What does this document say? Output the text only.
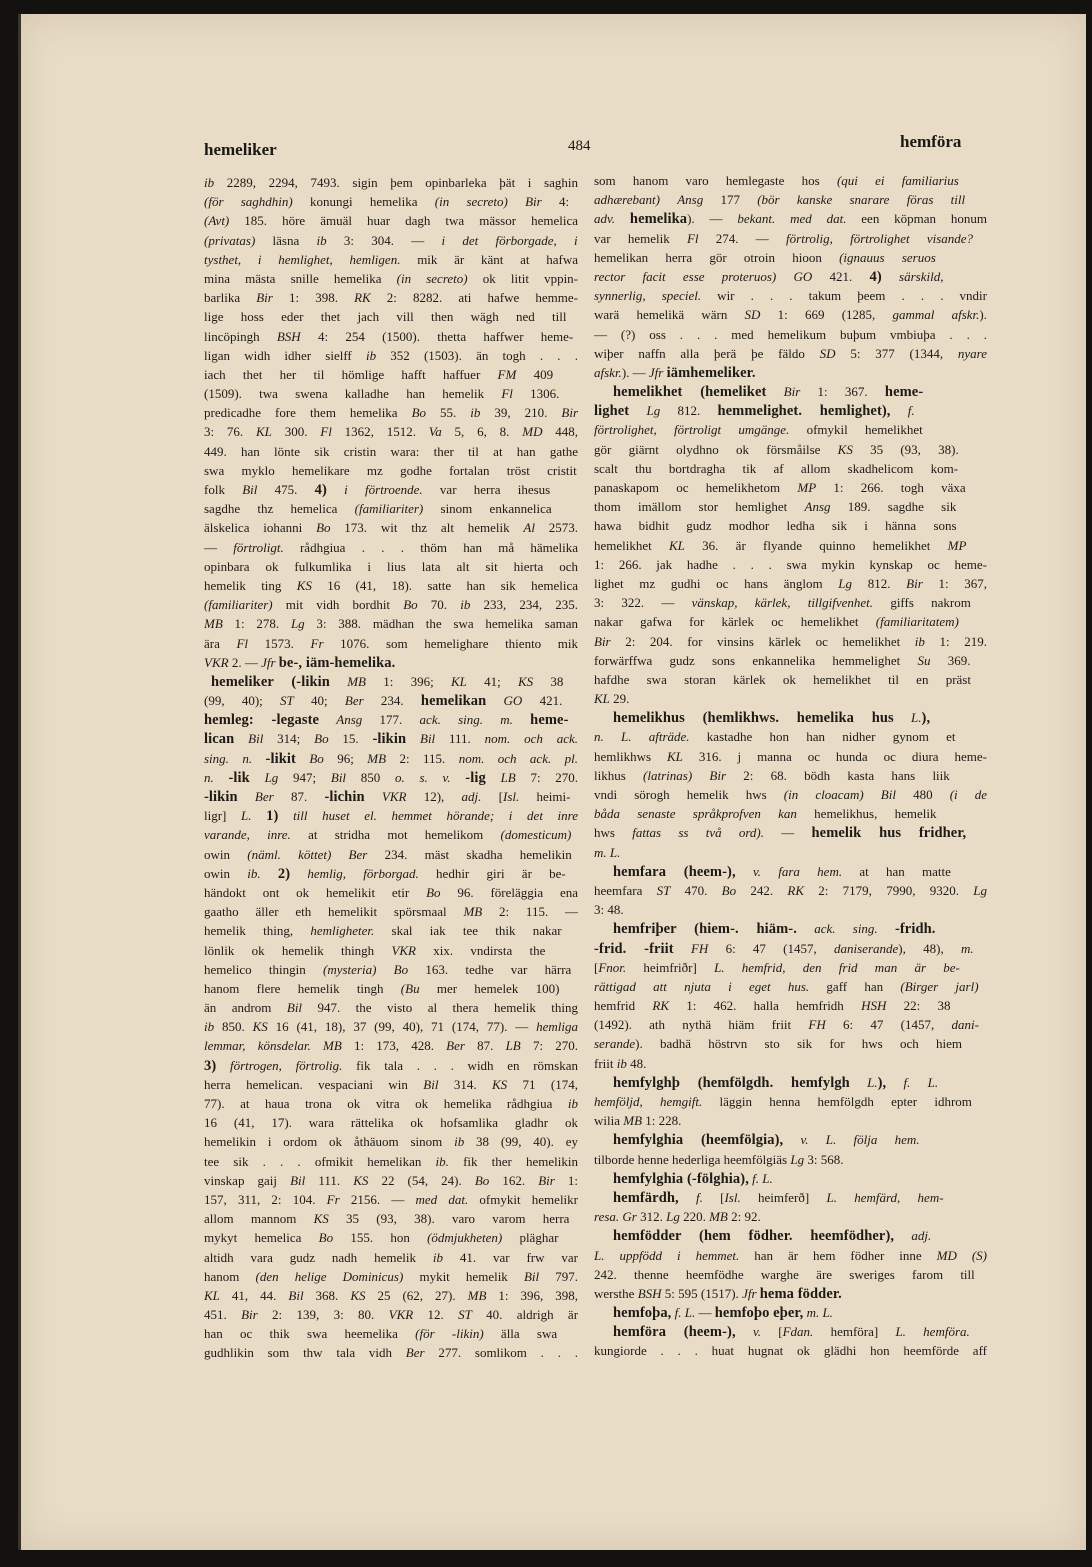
hemeliker	484	hemföra
ib 2289, 2294, 7493. sigin þem opinbarleka þät i saghin
(för saghdhin) konungi hemelika (in secreto) Bir 4:
(Avt) 185. höre ämuäl huar dagh twa mässor hemelica
(privatas) läsna ib 3: 304. — i det förborgade, i
tysthet, i hemlighet, hemligen. mik är känt at hafwa
mina mästa snille hemelika (in secreto) ok litit vppin-
barlika Bir 1: 398. RK 2: 8282. ati hafwe hemme-
lige hoss eder thet jach vill then wägh ned till
lincöpingh BSH 4: 254 (1500). thetta haffwer heme-
ligan widh idher sielff ib 352 (1503). än togh . . .
iach thet her til hömlige hafft haffuer FM 409
(1509). twa swena kalladhe han hemelik Fl 1306.
predicadhe fore them hemelika Bo 55. ib 39, 210. Bir
3: 76. KL 300. Fl 1362, 1512. Va 5, 6, 8. MD 448,
449. han lönte sik cristin wara: ther til at han gathe
swa myklo hemelikare mz godhe fortalan tröst cristit
folk Bil 475. 4) i förtroende. var herra ihesus
sagdhe thz hemelica (familiariter) sinom enkannelica
älskelica iohanni Bo 173. wit thz alt hemelik Al 2573.
— förtroligt. rådhgiua . . . thöm han må hämelika
opinbara ok fulkumlika i lius lata alt sit hierta och
hemelik ting KS 16 (41, 18). satte han sik hemelica
(familiariter) mit vidh bordhit Bo 70. ib 233, 234, 235.
MB 1: 278. Lg 3: 388. mädhan the swa hemelika saman
ära Fl 1573. Fr 1076. som hemelighare thiento mik
VKR 2. — Jfr be-, iäm-hemelika.
hemeliker (-likin MB 1: 396; KL 41; KS 38
(99, 40); ST 40; Ber 234. hemelikan GO 421.
hemleg: -legaste Ansg 177. ack. sing. m. heme-
lican Bil 314; Bo 15. -likin Bil 111. nom. och ack.
sing. n. -likit Bo 96; MB 2: 115. nom. och ack. pl.
n. -lik Lg 947; Bil 850 o. s. v. -lig LB 7: 270.
-likin Ber 87. -lichin VKR 12), adj. [Isl. heimi-
ligr] L. 1) till huset el. hemmet hörande; i det inre
varande, inre. at stridha mot hemelikom (domesticum)
owin (näml. köttet) Ber 234. mäst skadha hemelikin
owin ib. 2) hemlig, förborgad. hedhir giri är be-
händokt ont ok hemelikit etir Bo 96. föreläggia ena
gaatho äller eth hemelikit spörsmaal MB 2: 115. —
hemelik thing, hemligheter. skal iak tee thik nakar
lönlik ok hemelik thingh VKR xix. vndirsta the
hemelico thingin (mysteria) Bo 163. tedhe var härra
hanom flere hemelik tingh (Bu mer hemelek 100)
än androm Bil 947. the visto al thera hemelik thing
ib 850. KS 16 (41, 18), 37 (99, 40), 71 (174, 77). — hemliga
lemmar, könsdelar. MB 1: 173, 428. Ber 87. LB 7: 270.
3) förtrogen, förtrolig. fik tala . . . widh en römskan
herra hemelican. vespaciani win Bil 314. KS 71 (174,
77). at haua trona ok vitra ok hemelika rådhgiua ib
16 (41, 17). wara rättelika ok hofsamlika gladhr ok
hemelikin i ordom ok åthäuom sinom ib 38 (99, 40). ey
tee sik . . . ofmikit hemelikan ib. fik ther hemelikin
vinskap gaij Bil 111. KS 22 (54, 24). Bo 162. Bir 1:
157, 311, 2: 104. Fr 2156. — med dat. ofmykit hemelikr
allom mannom KS 35 (93, 38). varo varom herra
mykyt hemelica Bo 155. hon (ödmjukheten) pläghar
altidh vara gudz nadh hemelik ib 41. var frw var
hanom (den helige Dominicus) mykit hemelik Bil 797.
KL 41, 44. Bil 368. KS 25 (62, 27). MB 1: 396, 398,
451. Bir 2: 139, 3: 80. VKR 12. ST 40. aldrigh är
han oc thik swa heemelika (för -likin) älla swa
gudhlikin som thw tala vidh Ber 277. somlikom . . .
som hanom varo hemlegaste hos (qui ei familiarius
adhærebant) Ansg 177 (bör kanske snarare föras till
adv. hemelika). — bekant. med dat. een köpman honum
var hemelik Fl 274. — förtrolig, förtrolighet visande?
hemelikan herra gör otroin hioon (ignauus seruos
rector facit esse proteruos) GO 421. 4) särskild,
synnerlig, speciel. wir . . . takum þeem . . . vndir
warä hemelikä wärn SD 1: 669 (1285, gammal afskr.).
— (?) oss . . . med hemelikum buþum vmbiuþa . . .
wiþer naffn alla þerä þe fäldo SD 5: 377 (1344, nyare
afskr.). — Jfr iämhemeliker.
hemelikhet (hemeliket Bir 1: 367. heme-
lighet Lg 812. hemmelighet. hemlighet), f.
förtrolighet, förtroligt umgänge. ofmykil hemelikhet
gör giärnt olydhno ok försmåilse KS 35 (93, 38).
scalt thu bortdragha tik af allom skadhelicom kom-
panaskapom oc hemelikhetom MP 1: 266. togh växa
thom imällom stor hemlighet Ansg 189. sagdhe sik
hawa bidhit gudz modhor ledha sik i hänna sons
hemelikhet KL 36. är flyande quinno hemelikhet MP
1: 266. jak hadhe . . . swa mykin kynskap oc heme-
lighet mz gudhi oc hans änglom Lg 812. Bir 1: 367,
3: 322. — vänskap, kärlek, tillgifvenhet. giffs nakrom
nakar gafwa for kärlek oc hemelikhet (familiaritatem)
Bir 2: 204. for vinsins kärlek oc hemelikhet ib 1: 219.
forwärffwa gudz sons enkannelika hemmelighet Su 369.
hafdhe swa storan kärlek ok hemelikhet til en präst
KL 29.
hemelikhus (hemlikhws. hemelika hus L.),
n. L. afträde. kastadhe hon han nidher gynom et
hemlikhws KL 316. j manna oc hunda oc diura heme-
likhus (latrinas) Bir 2: 68. bödh kasta hans liik
vndi sörogh hemelik hws (in cloacam) Bil 480 (i de
båda senaste språkprofven kan hemelikhus, hemelik
hws fattas ss två ord). — hemelik hus fridher,
m. L.
hemfara (heem-), v. fara hem. at han matte
heemfara ST 470. Bo 242. RK 2: 7179, 7990, 9320. Lg
3: 48.
hemfriþer (hiem-. hiäm-. ack. sing. -fridh.
-frid. -friit FH 6: 47 (1457, daniserande), 48), m.
[Fnor. heimfriðr] L. hemfrid, den frid man är be-
rättigad att njuta i eget hus. gaff han (Birger jarl)
hemfrid RK 1: 462. halla hemfridh HSH 22: 38
(1492). ath nythä hiäm friit FH 6: 47 (1457, dani-
serande). badhä höstrvn sto sik for hws och hiem
friit ib 48.
hemfylghþ (hemfölgdh. hemfylgh L.), f. L.
hemföljd, hemgift. läggin henna hemfölgdh epter idhrom
wilia MB 1: 228.
hemfylghia (heemfölgia), v. L. följa hem.
tilborde henne hederliga heemfölgiäs Lg 3: 568.
hemfylghia (-fölghia), f. L.
hemfärdh, f. [Isl. heimferð] L. hemfärd, hem-
resa. Gr 312. Lg 220. MB 2: 92.
hemfödder (hem födher. heemfödher), adj.
L. uppfödd i hemmet. han är hem födher inne MD (S)
242. thenne heemfödhe warghe äre sweriges farom till
wersthe BSH 5: 595 (1517). Jfr hema födder.
hemfoþa, f. L. — hemfoþo eþer, m. L.
hemföra (heem-), v. [Fdan. hemföra] L. hemföra.
kungiorde . . . huat hugnat ok glädhi hon heemförde aff
